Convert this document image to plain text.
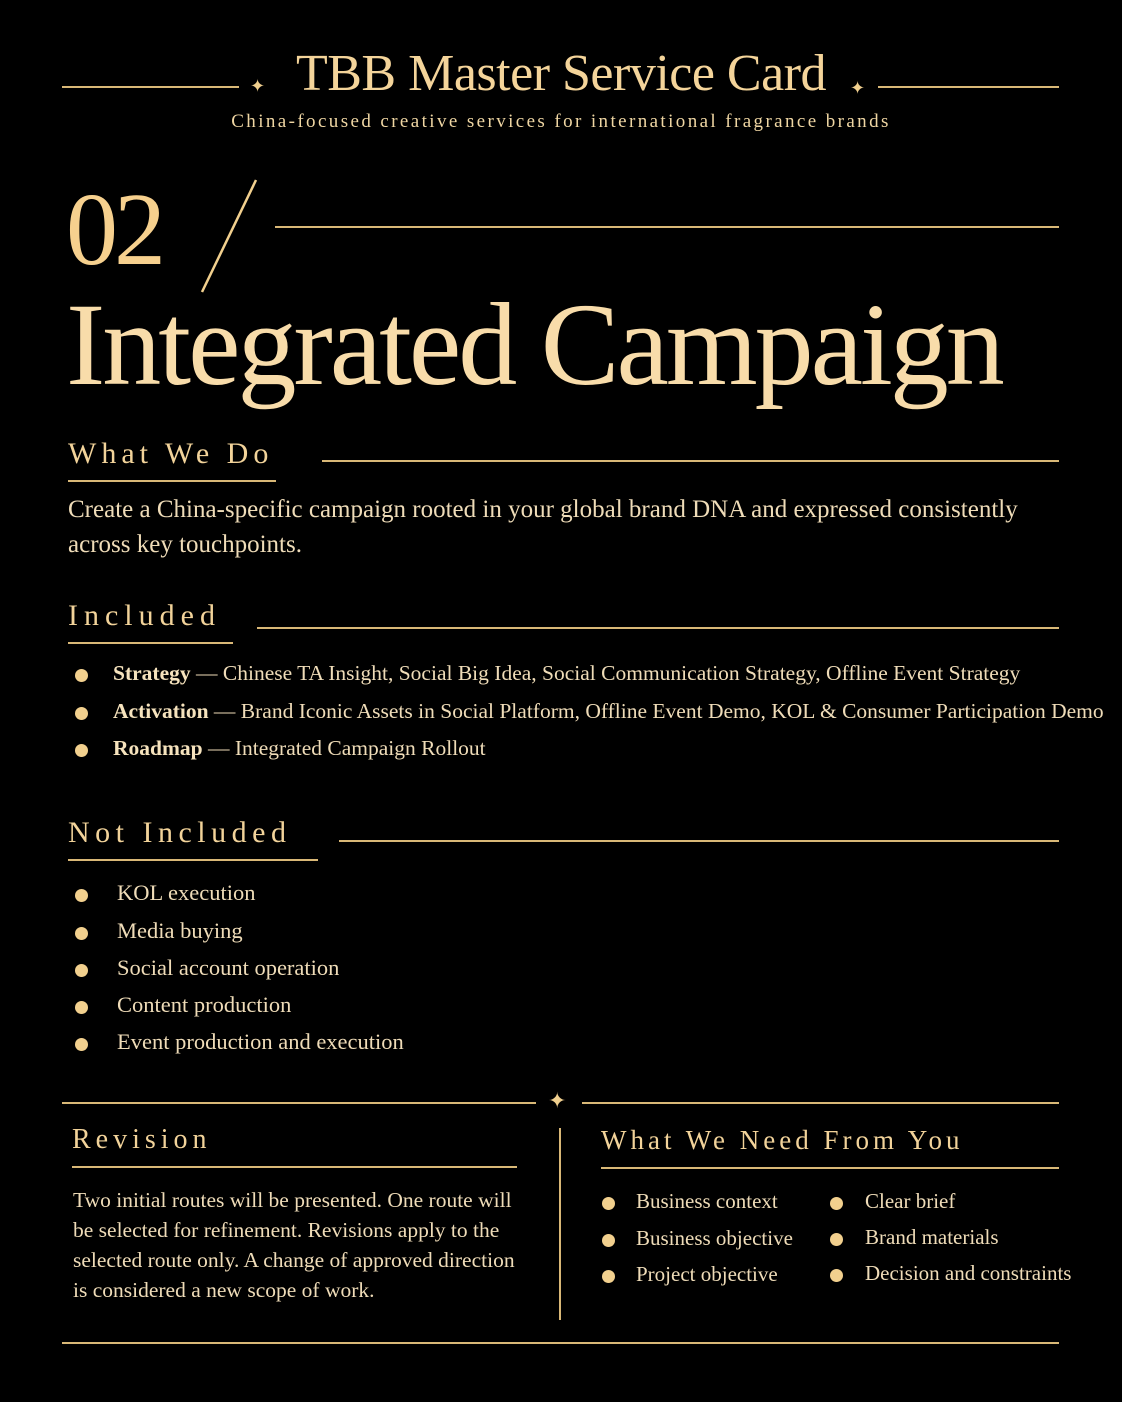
✦ TBB Master Service Card	✦
China-focused creative services for international fragrance brands
02
Integrated Campaign
What We Do
Create a China-specific campaign rooted in your global brand DNA and expressed consistently across key touchpoints.
Included
Strategy — Chinese TA Insight, Social Big Idea, Social Communication Strategy, Offline Event Strategy
Activation — Brand Iconic Assets in Social Platform, Offline Event Demo, KOL & Consumer Participation Demo
Roadmap — Integrated Campaign Rollout
Not Included
KOL execution
Media buying
Social account operation
Content production
Event production and execution
✦
Revision
Two initial routes will be presented. One route will be selected for refinement. Revisions apply to the selected route only. A change of approved direction is considered a new scope of work.
What We Need From You
Business context
Business objective
Project objective
Clear brief
Brand materials
Decision and constraints
